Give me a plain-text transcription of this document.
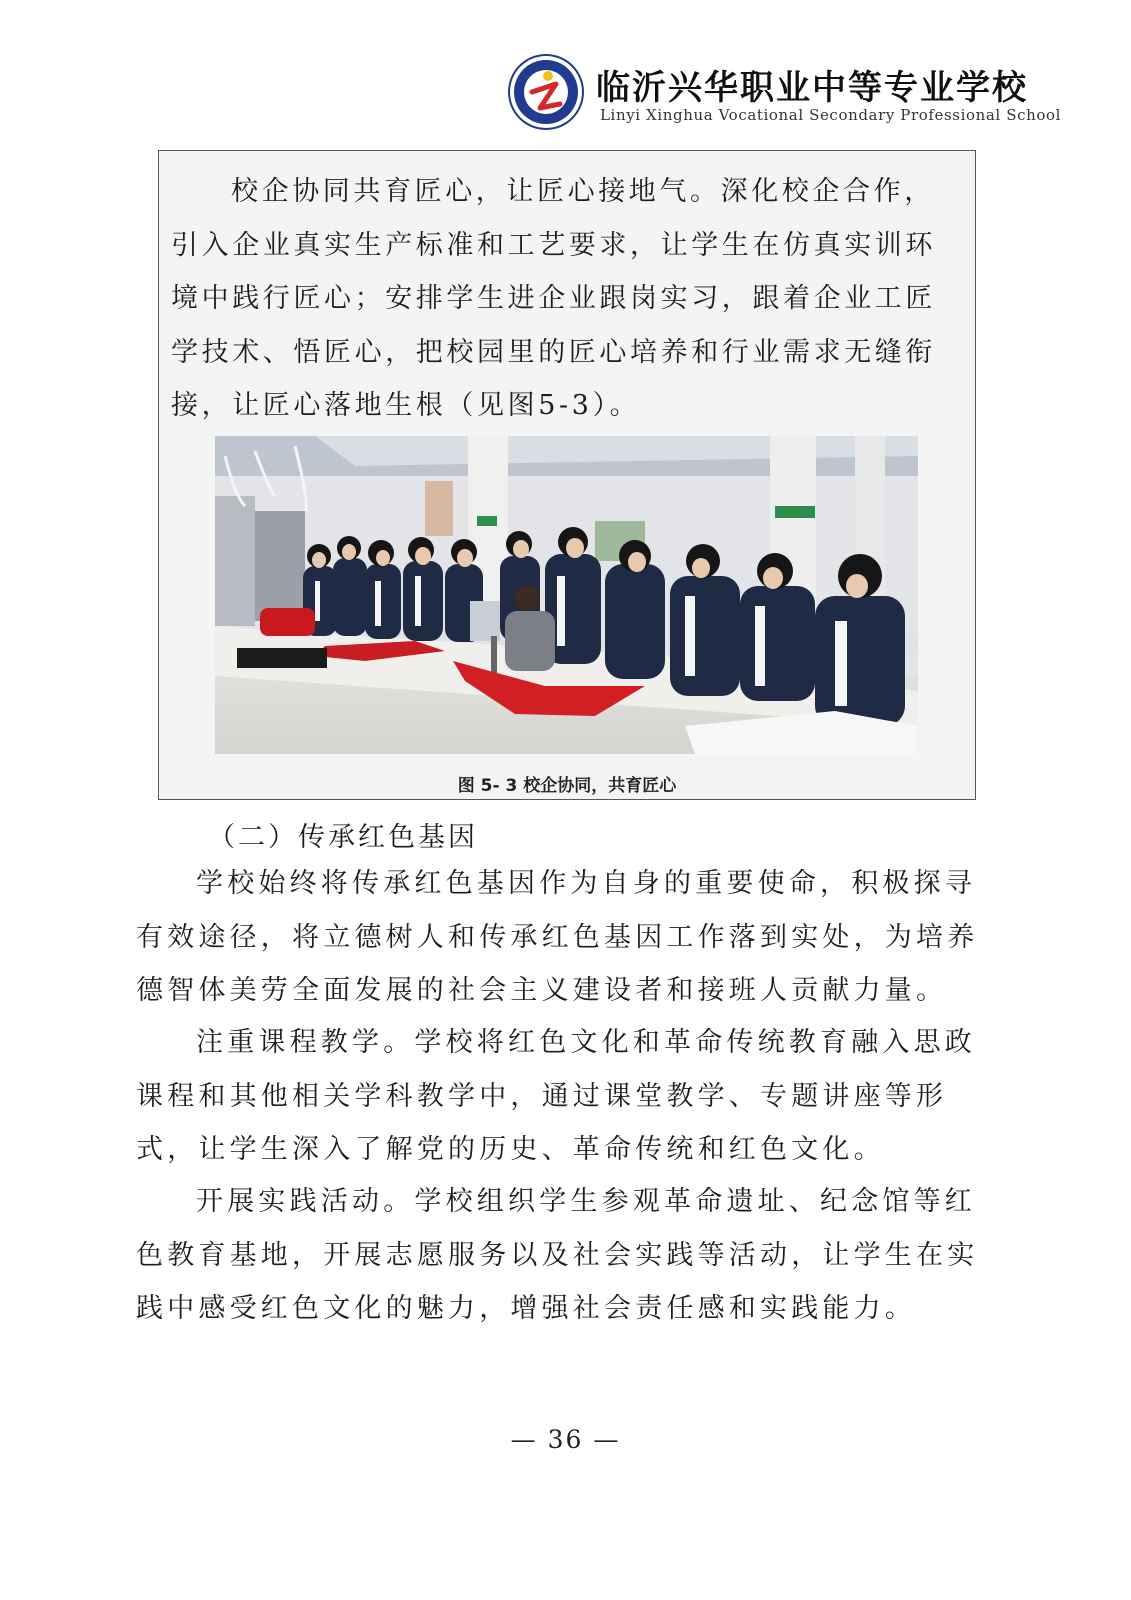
临沂兴华职业中等专业学校
Linyi Xinghua Vocational Secondary Professional School

校企协同共育匠心，让匠心接地气。深化校企合作，引入企业真实生产标准和工艺要求，让学生在仿真实训环境中践行匠心；安排学生进企业跟岗实习，跟着企业工匠学技术、悟匠心，把校园里的匠心培养和行业需求无缝衔接，让匠心落地生根（见图5-3）。

图 5- 3 校企协同，共育匠心

（二）传承红色基因

学校始终将传承红色基因作为自身的重要使命，积极探寻有效途径，将立德树人和传承红色基因工作落到实处，为培养德智体美劳全面发展的社会主义建设者和接班人贡献力量。

注重课程教学。学校将红色文化和革命传统教育融入思政课程和其他相关学科教学中，通过课堂教学、专题讲座等形式，让学生深入了解党的历史、革命传统和红色文化。

开展实践活动。学校组织学生参观革命遗址、纪念馆等红色教育基地，开展志愿服务以及社会实践等活动，让学生在实践中感受红色文化的魅力，增强社会责任感和实践能力。

— 36 —
